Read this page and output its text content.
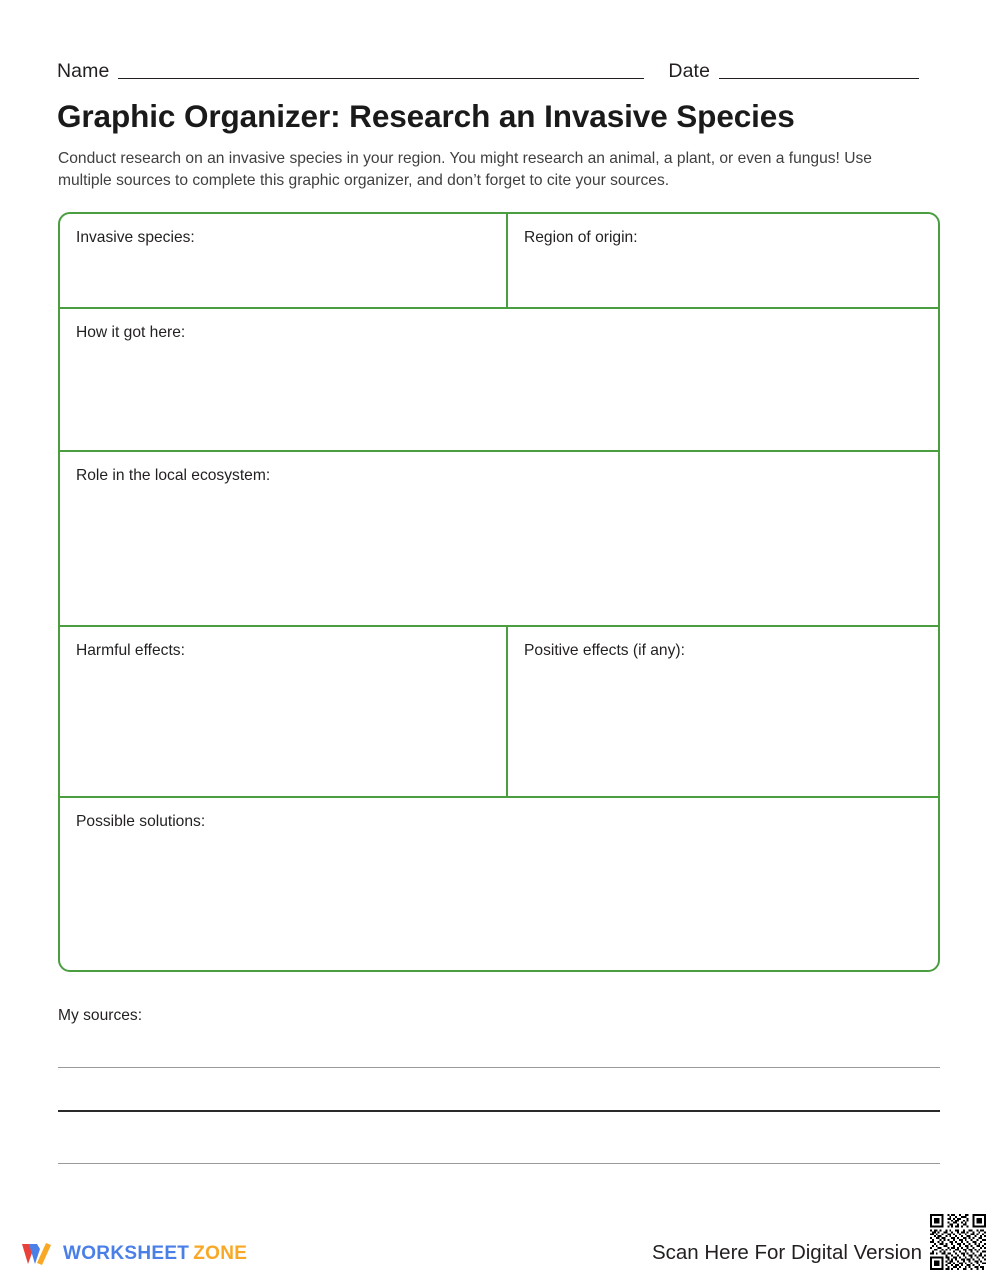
Name	Date
Graphic Organizer: Research an Invasive Species
Conduct research on an invasive species in your region. You might research an animal, a plant, or even a fungus! Use multiple sources to complete this graphic organizer, and don’t forget to cite your sources.
Invasive species:	Region of origin:
How it got here:
Role in the local ecosystem:
Harmful effects:	Positive effects (if any):
Possible solutions:
My sources:
WORKSHEET ZONE	Scan Here For Digital Version
